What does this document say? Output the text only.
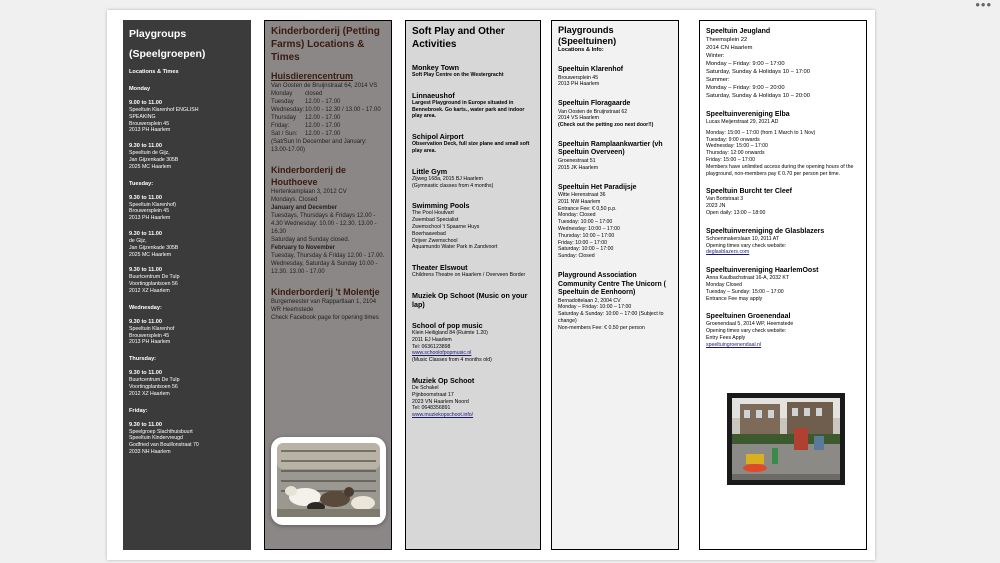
Playgroups
(Speelgroepen)
Locations & Times
Monday
9.00 to 11.00
Speeltuin Klarenhof ENGLISH
SPEAKING
Brouwersplein 45
2013 PH Haarlem
9.30 to 11.00
Speeltuin de Gijz,
Jan Gijzenkade 305B
2025 MC Haarlem
Tuesday:
9.30 to 11.00
Speeltuin Klarenhof)
Brouwersplein 45
2013 PH Haarlem
9.30 to 11.00
de Gijz,
Jan Gijzenkade 305B
2025 MC Haarlem
9.30 to 11.00
Buurtcentrum De Tulp
Voortingplantsoen 56
2012 XZ Haarlem
Wednesday:
9.30 to 11.00
Speeltuin Klarenhof
Brouwersplein 45
2013 PH Haarlem
Thursday:
9.30 to 11.00
Buurtcentrum De Tulp
Voortingplantsoen 56
2012 XZ Haarlem
Friday:
9.30 to 11.00
Speelgroep Slachthuisbuurt
Speeltuin Kindervreugd
Godfried van Bouillonstraat 70
2033 NH Haarlem
Kinderborderij (Petting Farms) Locations & Times
Huisdierencentrum
Van Oosten de Bruijnstraat 64, 2014 VS
Monday	closed
Tuesday	12.00 - 17.00
Wednesday: 10.00 - 12.30 / 13.00 - 17.00
Thursday	12.00 - 17.00
Friday:	12.00 - 17.00
Sat / Sun:	12.00 - 17.00
(Sat/Sun In December and January: 13.00-17.00)
Kinderborderij de Houthoeve
Hertenkamplaan 3, 2012 CV
Mondays. Closed
January and December
Tuesdays, Thursdays & Fridays 12.00 - 4.30 Wednesday: 10.00 - 12.30. 13.00 - 16.30
Saturday and Sunday closed.
February to November
Tuesday, Thursday & Friday 12.00 - 17.00. Wednesday, Saturday & Sunday 10.00 - 12.30. 13.00 - 17.00
Kinderborderij 't Molentje
Burgemeester van Rappartlaan 1, 2104 WR Heemstede
Check Facebook page for opening times
Soft Play and Other Activities
Monkey Town
Soft Play Centre on the Westergracht
Linnaeushof
Largest Playground in Europe situated in Bennebroek. Go karts., water park and indoor play area.
Schipol Airport
Observation Deck, full size plane and small soft play area.
Little Gym
Zijweg 168a, 2015 BJ Haarlem
(Gymnastic classes from 4 months)
Swimming Pools
The Pool Houtvart
Zwembad Specialist
Zwemschool 't Spaarne Huys
Boerhaavebad
Drijver Zwemschool
Aquamundo Water Park in Zandvoort
Theater Elswout
Childrens Theatre on Haarlem / Overveen Border
Muziek Op Schoot (Music on your lap)
School of pop music
Klein Heiligland 84 (Ruimte 1.20)
2011 EJ Haarlem
Tel: 0636123898
www.schoolofpopmusic.nl
(Music Classes from 4 months old)
Muziek Op Schoot
De Schakel
Pijnboomstraat 17
2023 VN Haarlem Noord
Tel: 0648356891
www.muziekopschoot.info/
Playgrounds (Speeltuinen)
Locations & Info:
Speeltuin Klarenhof
Brouwersplein 45
2013 PH Haarlem
Speeltuin Floragaarde
Van Oosten de Bruijnstraat 62
2014 VS Haarlem
(Check out the petting zoo next door!!)
Speeltuin Ramplaankwartier (vh Speeltuin Overveen)
Groenestraat 51
2015 JK Haarlem
Speeltuin Het Paradijsje
Witte Herenstraat 36
2011 NW Haarlem
Entrance Fee: € 0,50 p.p.
Monday: Closed
Tuesday: 10:00 – 17:00
Wednesday: 10:00 – 17:00
Thursday: 10:00 – 17:00
Friday: 10:00 – 17:00
Saturday: 10:00 – 17:00
Sunday: Closed
Playground Association Community Centre The Unicorn ( Speeltuin de Eenhoorn)
Bernadottelaan 2, 2004 CV
Monday – Friday: 10:00 – 17:00
Saturday & Sunday: 10:00 – 17:00 (Subject to change)
Non-members Fee: € 0.50 per person
Speeltuin Jeugland
Theemsplein 22
2014 CN Haarlem
Winter:
Monday – Friday: 9:00 – 17:00
Saturday, Sunday & Holidays 10 – 17:00
Summer:
Monday – Friday: 9:00 – 20:00
Saturday, Sunday & Holidays 10 – 20:00
Speeltuinvereniging Elba
Lucas Meijerstraat 29, 2021 AD
Monday: 15:00 – 17:00 (from 1 March to 1 Nov)
Tuesday: 9:00 onwards
Wednesday: 15:00 – 17:00
Thursday: 12:00 onwards
Friday: 15:00 – 17:00
Members have unlimited access during the opening hours of the playground, non-members pay € 0.70 per person per time.
Speeltuin Burcht ter Cleef
Van Bortstraat 3
2023 JN
Open daily: 13:00 – 18:00
Speeltuinvereniging de Glasblazers
Schoenmakerslaan 10, 2011 AT
Opening times vary check website:
deglasblazers.com
Speeltuinvereniging HaarlemOost
Anna Kaulbachstraat 16-A, 2032 KT
Monday Closed
Tuesday – Sunday: 15:00 – 17:00
Entrance Fee may apply
Speeltuinen Groenendaal
Groenendaal 5, 2014 WP, Heemstede
Opening times vary check website:
Entry Fees Apply
speeltuingroenendaal.nl
•••
